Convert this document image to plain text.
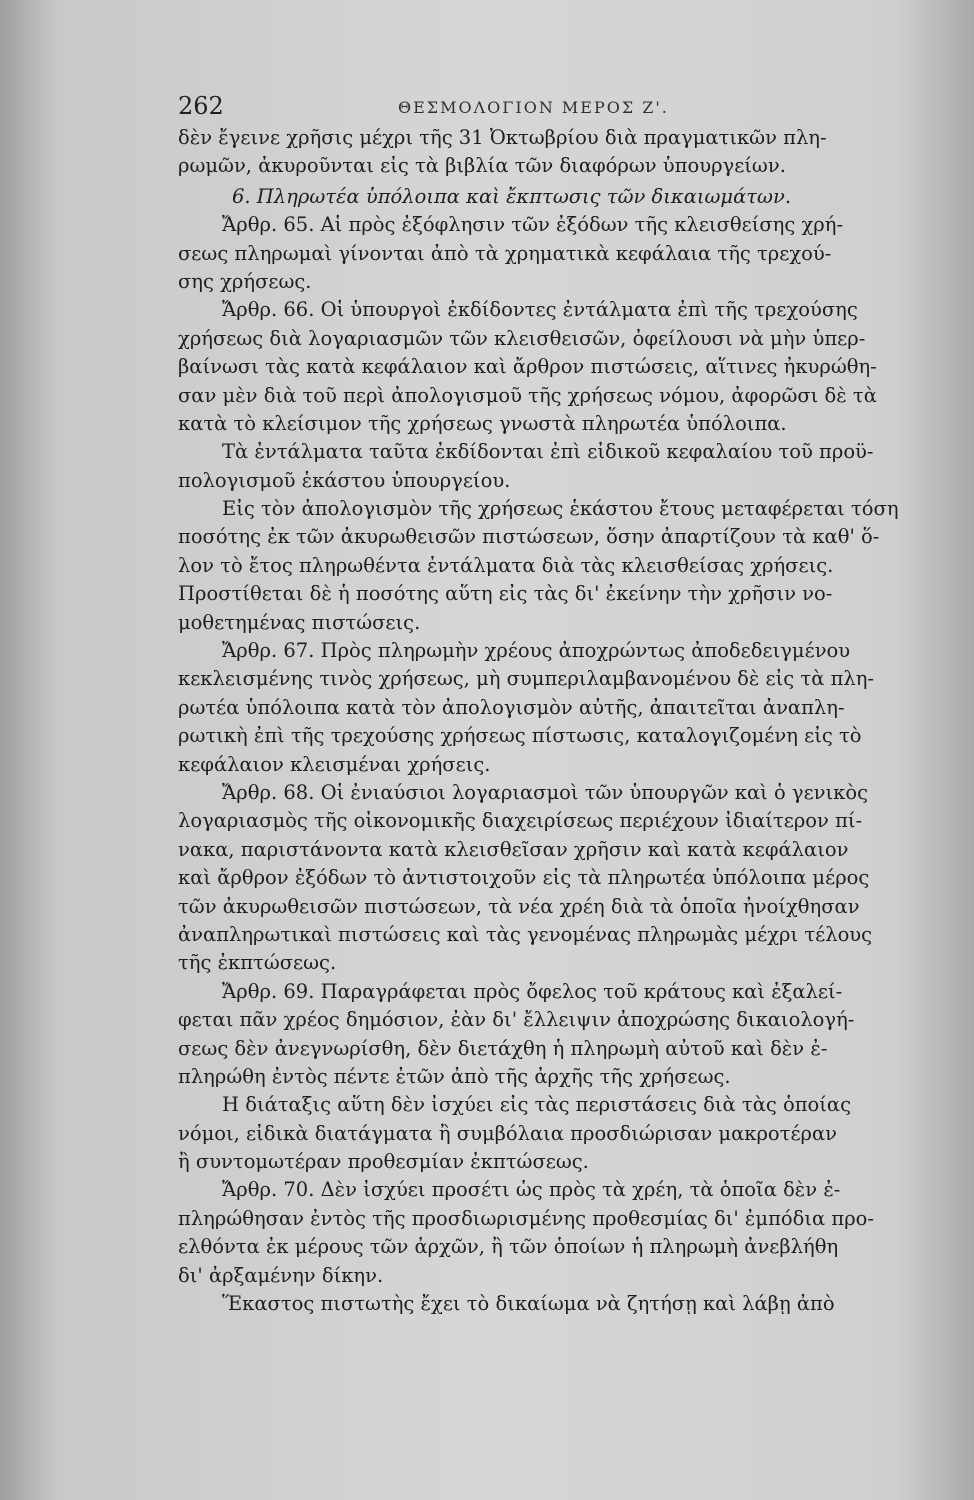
262	ΘΕΣΜΟΛΟΓΙΟΝ ΜΕΡΟΣ Ζ'.
δὲν ἔγεινε χρῆσις μέχρι τῆς 31 Ὀκτωβρίου διὰ πραγματικῶν πλη-
ρωμῶν, ἀκυροῦνται εἰς τὰ βιβλία τῶν διαφόρων ὑπουργείων.
6. Πληρωτέα ὑπόλοιπα καὶ ἔκπτωσις τῶν δικαιωμάτων.
Ἄρθρ. 65. Αἱ πρὸς ἐξόφλησιν τῶν ἐξόδων τῆς κλεισθείσης χρή-
σεως πληρωμαὶ γίνονται ἀπὸ τὰ χρηματικὰ κεφάλαια τῆς τρεχού-
σης χρήσεως.
Ἄρθρ. 66. Οἱ ὑπουργοὶ ἐκδίδοντες ἐντάλματα ἐπὶ τῆς τρεχούσης
χρήσεως διὰ λογαριασμῶν τῶν κλεισθεισῶν, ὀφείλουσι νὰ μὴν ὑπερ-
βαίνωσι τὰς κατὰ κεφάλαιον καὶ ἄρθρον πιστώσεις, αἵτινες ἠκυρώθη-
σαν μὲν διὰ τοῦ περὶ ἀπολογισμοῦ τῆς χρήσεως νόμου, ἀφορῶσι δὲ τὰ
κατὰ τὸ κλείσιμον τῆς χρήσεως γνωστὰ πληρωτέα ὑπόλοιπα.
Τὰ ἐντάλματα ταῦτα ἐκδίδονται ἐπὶ εἰδικοῦ κεφαλαίου τοῦ προϋ-
πολογισμοῦ ἑκάστου ὑπουργείου.
Εἰς τὸν ἀπολογισμὸν τῆς χρήσεως ἑκάστου ἔτους μεταφέρεται τόση
ποσότης ἐκ τῶν ἀκυρωθεισῶν πιστώσεων, ὅσην ἀπαρτίζουν τὰ καθ' ὅ-
λον τὸ ἔτος πληρωθέντα ἐντάλματα διὰ τὰς κλεισθείσας χρήσεις.
Προστίθεται δὲ ἡ ποσότης αὕτη εἰς τὰς δι' ἐκείνην τὴν χρῆσιν νο-
μοθετημένας πιστώσεις.
Ἄρθρ. 67. Πρὸς πληρωμὴν χρέους ἀποχρώντως ἀποδεδειγμένου
κεκλεισμένης τινὸς χρήσεως, μὴ συμπεριλαμβανομένου δὲ εἰς τὰ πλη-
ρωτέα ὑπόλοιπα κατὰ τὸν ἀπολογισμὸν αὐτῆς, ἀπαιτεῖται ἀναπλη-
ρωτικὴ ἐπὶ τῆς τρεχούσης χρήσεως πίστωσις, καταλογιζομένη εἰς τὸ
κεφάλαιον κλεισμέναι χρήσεις.
Ἄρθρ. 68. Οἱ ἐνιαύσιοι λογαριασμοὶ τῶν ὑπουργῶν καὶ ὁ γενικὸς
λογαριασμὸς τῆς οἰκονομικῆς διαχειρίσεως περιέχουν ἰδιαίτερον πί-
νακα, παριστάνοντα κατὰ κλεισθεῖσαν χρῆσιν καὶ κατὰ κεφάλαιον
καὶ ἄρθρον ἐξόδων τὸ ἀντιστοιχοῦν εἰς τὰ πληρωτέα ὑπόλοιπα μέρος
τῶν ἀκυρωθεισῶν πιστώσεων, τὰ νέα χρέη διὰ τὰ ὁποῖα ἠνοίχθησαν
ἀναπληρωτικαὶ πιστώσεις καὶ τὰς γενομένας πληρωμὰς μέχρι τέλους
τῆς ἐκπτώσεως.
Ἄρθρ. 69. Παραγράφεται πρὸς ὄφελος τοῦ κράτους καὶ ἐξαλεί-
φεται πᾶν χρέος δημόσιον, ἐὰν δι' ἔλλειψιν ἀποχρώσης δικαιολογή-
σεως δὲν ἀνεγνωρίσθη, δὲν διετάχθη ἡ πληρωμὴ αὐτοῦ καὶ δὲν ἐ-
πληρώθη ἐντὸς πέντε ἐτῶν ἀπὸ τῆς ἀρχῆς τῆς χρήσεως.
Η διάταξις αὕτη δὲν ἰσχύει εἰς τὰς περιστάσεις διὰ τὰς ὁποίας
νόμοι, εἰδικὰ διατάγματα ἢ συμβόλαια προσδιώρισαν μακροτέραν
ἢ συντομωτέραν προθεσμίαν ἐκπτώσεως.
Ἄρθρ. 70. Δὲν ἰσχύει προσέτι ὡς πρὸς τὰ χρέη, τὰ ὁποῖα δὲν ἐ-
πληρώθησαν ἐντὸς τῆς προσδιωρισμένης προθεσμίας δι' ἐμπόδια προ-
ελθόντα ἐκ μέρους τῶν ἀρχῶν, ἢ τῶν ὁποίων ἡ πληρωμὴ ἀνεβλήθη
δι' ἀρξαμένην δίκην.
Ἕκαστος πιστωτὴς ἔχει τὸ δικαίωμα νὰ ζητήσῃ καὶ λάβῃ ἀπὸ
